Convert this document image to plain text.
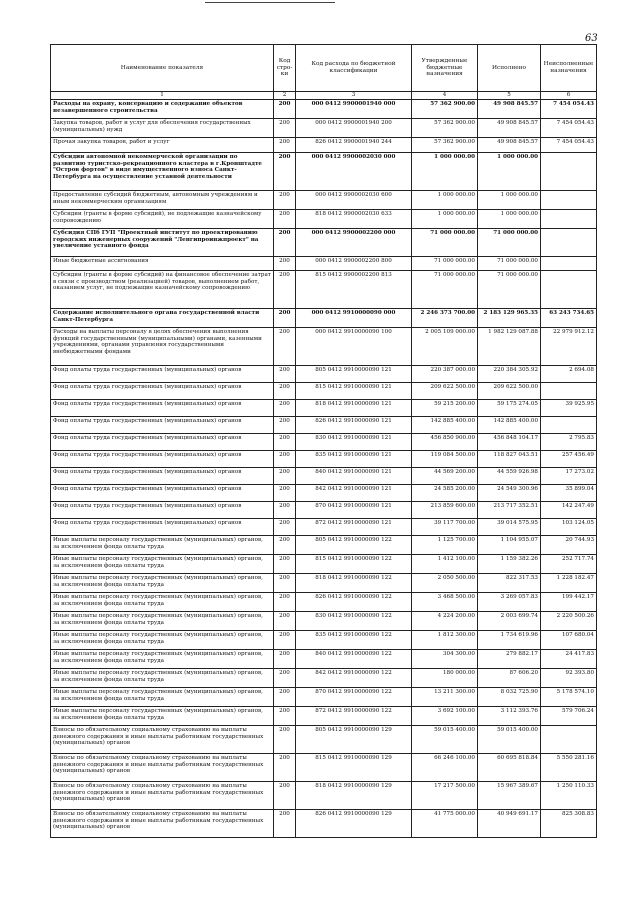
63
Наименование показателя	Код стро-ки	Код расхода по бюджетной классификации	Утвержденные бюджетные назначения	Исполнено	Неисполненные назначения
1	2	3	4	5	6
Расходы на охрану, консервацию и содержание объектов незавершенного строительства	200	000 0412 9900001940 000	57 362 900.00	49 908 845.57	7 454 054.43
Закупка товаров, работ и услуг для обеспечения государственных (муниципальных) нужд	200	000 0412 9900001940 200	57 362 900.00	49 908 845.57	7 454 054.43
Прочая закупка товаров, работ и услуг	200	826 0412 9900001940 244	57 362 900.00	49 908 845.57	7 454 054.43
Субсидии автономной некоммерческой организации по развитию туристско-рекреационного кластера в г.Кронштадте "Остров фортов" в виде имущественного взноса Санкт-Петербурга на осуществление уставной деятельности	200	000 0412 9900002030 000	1 000 000.00	1 000 000.00	
Предоставление субсидий бюджетным, автономным учреждениям и иным некоммерческим организациям	200	000 0412 9900002030 600	1 000 000.00	1 000 000.00	
Субсидии (гранты в форме субсидий), не подлежащие казначейскому сопровождению	200	818 0412 9900002030 633	1 000 000.00	1 000 000.00	
Субсидия СПб ГУП "Проектный институт по проектированию городских инженерных сооружений "Ленгипроинжпроект" на увеличение уставного фонда	200	000 0412 9900002200 000	71 000 000.00	71 000 000.00	
Иные бюджетные ассигнования	200	000 0412 9900002200 800	71 000 000.00	71 000 000.00	
Субсидии (гранты в форме субсидий) на финансовое обеспечение затрат в связи с производством (реализацией) товаров, выполнением работ, оказанием услуг, не подлежащие казначейскому сопровождению	200	815 0412 9900002200 813	71 000 000.00	71 000 000.00	
Содержание исполнительного органа государственной власти Санкт-Петербурга	200	000 0412 9910000090 000	2 246 373 700.00	2 183 129 965.35	63 243 734.65
Расходы на выплаты персоналу в целях обеспечения выполнения функций государственными (муниципальными) органами, казенными учреждениями, органами управления государственными внебюджетными фондами	200	000 0412 9910000090 100	2 005 109 000.00	1 982 129 087.88	22 979 912.12
Фонд оплаты труда государственных (муниципальных) органов	200	805 0412 9910000090 121	220 387 000.00	220 384 305.92	2 694.08
Фонд оплаты труда государственных (муниципальных) органов	200	815 0412 9910000090 121	209 622 500.00	209 622 500.00	
Фонд оплаты труда государственных (муниципальных) органов	200	818 0412 9910000090 121	59 215 200.00	59 175 274.05	39 925.95
Фонд оплаты труда государственных (муниципальных) органов	200	826 0412 9910000090 121	142 885 400.00	142 885 400.00	
Фонд оплаты труда государственных (муниципальных) органов	200	830 0412 9910000090 121	456 850 900.00	456 848 104.17	2 795.83
Фонд оплаты труда государственных (муниципальных) органов	200	835 0412 9910000090 121	119 084 500.00	118 827 043.51	257 456.49
Фонд оплаты труда государственных (муниципальных) органов	200	840 0412 9910000090 121	44 569 200.00	44 559 926.98	17 273.02
Фонд оплаты труда государственных (муниципальных) органов	200	842 0412 9910000090 121	24 585 200.00	24 549 300.96	35 899.04
Фонд оплаты труда государственных (муниципальных) органов	200	870 0412 9910000090 121	213 859 600.00	213 717 352.51	142 247.49
Фонд оплаты труда государственных (муниципальных) органов	200	872 0412 9910000090 121	39 117 700.00	39 014 575.95	103 124.05
Иные выплаты персоналу государственных (муниципальных) органов, за исключением фонда оплаты труда	200	805 0412 9910000090 122	1 125 700.00	1 104 955.07	20 744.93
Иные выплаты персоналу государственных (муниципальных) органов, за исключением фонда оплаты труда	200	815 0412 9910000090 122	1 412 100.00	1 159 382.26	252 717.74
Иные выплаты персоналу государственных (муниципальных) органов, за исключением фонда оплаты труда	200	818 0412 9910000090 122	2 050 500.00	822 317.53	1 228 182.47
Иные выплаты персоналу государственных (муниципальных) органов, за исключением фонда оплаты труда	200	826 0412 9910000090 122	3 468 500.00	3 269 057.83	199 442.17
Иные выплаты персоналу государственных (муниципальных) органов, за исключением фонда оплаты труда	200	830 0412 9910000090 122	4 224 200.00	2 003 699.74	2 220 500.26
Иные выплаты персоналу государственных (муниципальных) органов, за исключением фонда оплаты труда	200	835 0412 9910000090 122	1 812 300.00	1 734 619.96	107 680.04
Иные выплаты персоналу государственных (муниципальных) органов, за исключением фонда оплаты труда	200	840 0412 9910000090 122	304 300.00	279 882.17	24 417.83
Иные выплаты персоналу государственных (муниципальных) органов, за исключением фонда оплаты труда	200	842 0412 9910000090 122	180 000.00	87 606.20	92 393.80
Иные выплаты персоналу государственных (муниципальных) органов, за исключением фонда оплаты труда	200	870 0412 9910000090 122	13 211 300.00	8 032 725.90	5 178 574.10
Иные выплаты персоналу государственных (муниципальных) органов, за исключением фонда оплаты труда	200	872 0412 9910000090 122	3 692 100.00	3 112 393.76	579 706.24
Взносы по обязательному социальному страхованию на выплаты денежного содержания и иные выплаты работникам государственных (муниципальных) органов	200	805 0412 9910000090 129	59 015 400.00	59 015 400.00	
Взносы по обязательному социальному страхованию на выплаты денежного содержания и иные выплаты работникам государственных (муниципальных) органов	200	815 0412 9910000090 129	66 246 100.00	60 695 818.84	5 550 281.16
Взносы по обязательному социальному страхованию на выплаты денежного содержания и иные выплаты работникам государственных (муниципальных) органов	200	818 0412 9910000090 129	17 217 500.00	15 967 389.67	1 250 110.33
Взносы по обязательному социальному страхованию на выплаты денежного содержания и иные выплаты работникам государственных (муниципальных) органов	200	826 0412 9910000090 129	41 775 000.00	40 949 691.17	825 308.83
